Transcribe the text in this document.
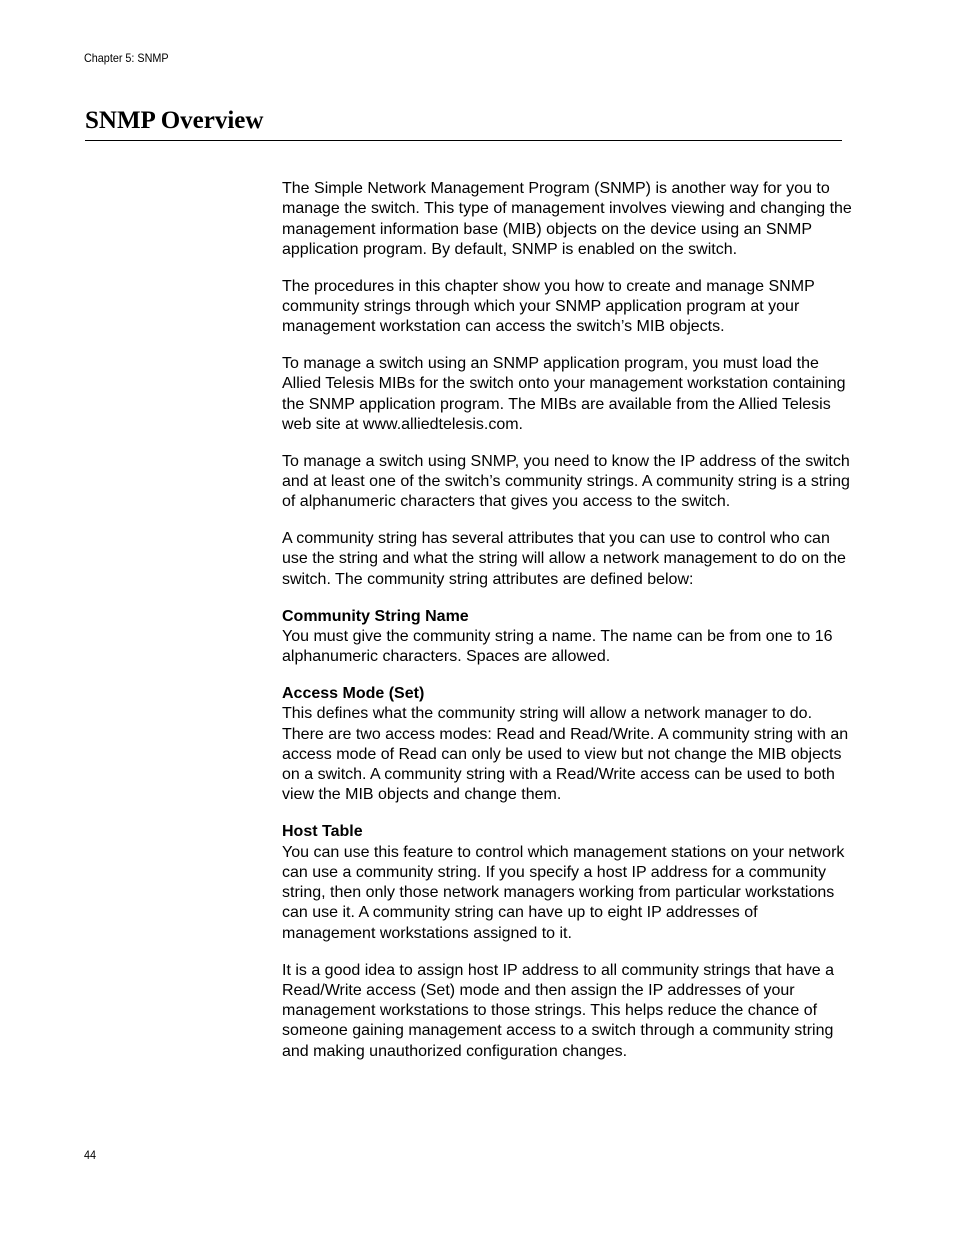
Chapter 5: SNMP
SNMP Overview

The Simple Network Management Program (SNMP) is another way for you to manage the switch. This type of management involves viewing and changing the management information base (MIB) objects on the device using an SNMP application program. By default, SNMP is enabled on the switch.

The procedures in this chapter show you how to create and manage SNMP community strings through which your SNMP application program at your management workstation can access the switch’s MIB objects.

To manage a switch using an SNMP application program, you must load the Allied Telesis MIBs for the switch onto your management workstation containing the SNMP application program. The MIBs are available from the Allied Telesis web site at www.alliedtelesis.com.

To manage a switch using SNMP, you need to know the IP address of the switch and at least one of the switch’s community strings. A community string is a string of alphanumeric characters that gives you access to the switch.

A community string has several attributes that you can use to control who can use the string and what the string will allow a network management to do on the switch. The community string attributes are defined below:

Community String Name
You must give the community string a name. The name can be from one to 16 alphanumeric characters. Spaces are allowed.

Access Mode (Set)
This defines what the community string will allow a network manager to do. There are two access modes: Read and Read/Write. A community string with an access mode of Read can only be used to view but not change the MIB objects on a switch. A community string with a Read/Write access can be used to both view the MIB objects and change them.

Host Table
You can use this feature to control which management stations on your network can use a community string. If you specify a host IP address for a community string, then only those network managers working from particular workstations can use it. A community string can have up to eight IP addresses of management workstations assigned to it.

It is a good idea to assign host IP address to all community strings that have a Read/Write access (Set) mode and then assign the IP addresses of your management workstations to those strings. This helps reduce the chance of someone gaining management access to a switch through a community string and making unauthorized configuration changes.

44
